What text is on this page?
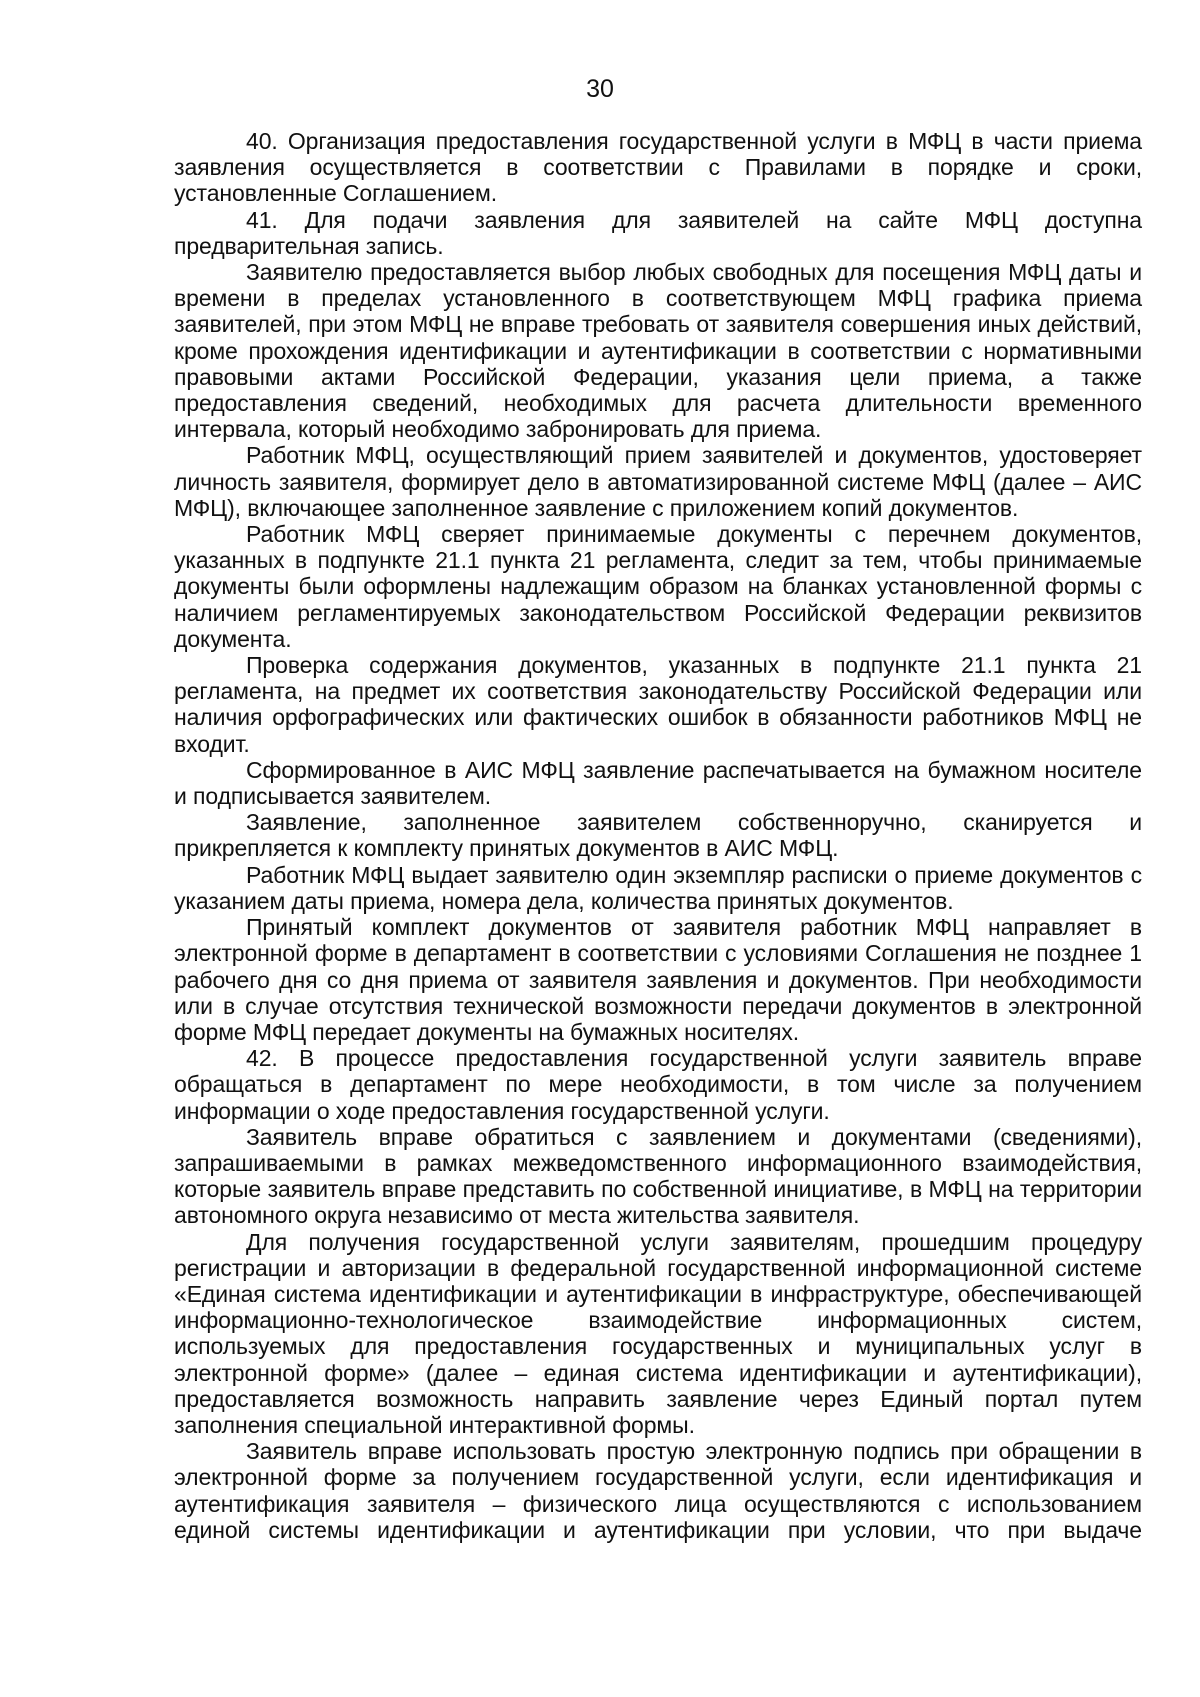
30

40. Организация предоставления государственной услуги в МФЦ в части приема заявления осуществляется в соответствии с Правилами в порядке и сроки, установленные Соглашением.

41. Для подачи заявления для заявителей на сайте МФЦ доступна предварительная запись.

Заявителю предоставляется выбор любых свободных для посещения МФЦ даты и времени в пределах установленного в соответствующем МФЦ графика приема заявителей, при этом МФЦ не вправе требовать от заявителя совершения иных действий, кроме прохождения идентификации и аутентификации в соответствии с нормативными правовыми актами Российской Федерации, указания цели приема, а также предоставления сведений, необходимых для расчета длительности временного интервала, который необходимо забронировать для приема.

Работник МФЦ, осуществляющий прием заявителей и документов, удостоверяет личность заявителя, формирует дело в автоматизированной системе МФЦ (далее – АИС МФЦ), включающее заполненное заявление с приложением копий документов.

Работник МФЦ сверяет принимаемые документы с перечнем документов, указанных в подпункте 21.1 пункта 21 регламента, следит за тем, чтобы принимаемые документы были оформлены надлежащим образом на бланках установленной формы с наличием регламентируемых законодательством Российской Федерации реквизитов документа.

Проверка содержания документов, указанных в подпункте 21.1 пункта 21 регламента, на предмет их соответствия законодательству Российской Федерации или наличия орфографических или фактических ошибок в обязанности работников МФЦ не входит.

Сформированное в АИС МФЦ заявление распечатывается на бумажном носителе и подписывается заявителем.

Заявление, заполненное заявителем собственноручно, сканируется и прикрепляется к комплекту принятых документов в АИС МФЦ.

Работник МФЦ выдает заявителю один экземпляр расписки о приеме документов с указанием даты приема, номера дела, количества принятых документов.

Принятый комплект документов от заявителя работник МФЦ направляет в электронной форме в департамент в соответствии с условиями Соглашения не позднее 1 рабочего дня со дня приема от заявителя заявления и документов. При необходимости или в случае отсутствия технической возможности передачи документов в электронной форме МФЦ передает документы на бумажных носителях.

42. В процессе предоставления государственной услуги заявитель вправе обращаться в департамент по мере необходимости, в том числе за получением информации о ходе предоставления государственной услуги.

Заявитель вправе обратиться с заявлением и документами (сведениями), запрашиваемыми в рамках межведомственного информационного взаимодействия, которые заявитель вправе представить по собственной инициативе, в МФЦ на территории автономного округа независимо от места жительства заявителя.

Для получения государственной услуги заявителям, прошедшим процедуру регистрации и авторизации в федеральной государственной информационной системе «Единая система идентификации и аутентификации в инфраструктуре, обеспечивающей информационно-технологическое взаимодействие информационных систем, используемых для предоставления государственных и муниципальных услуг в электронной форме» (далее – единая система идентификации и аутентификации), предоставляется возможность направить заявление через Единый портал путем заполнения специальной интерактивной формы.

Заявитель вправе использовать простую электронную подпись при обращении в электронной форме за получением государственной услуги, если идентификация и аутентификация заявителя – физического лица осуществляются с использованием единой системы идентификации и аутентификации при условии, что при выдаче
